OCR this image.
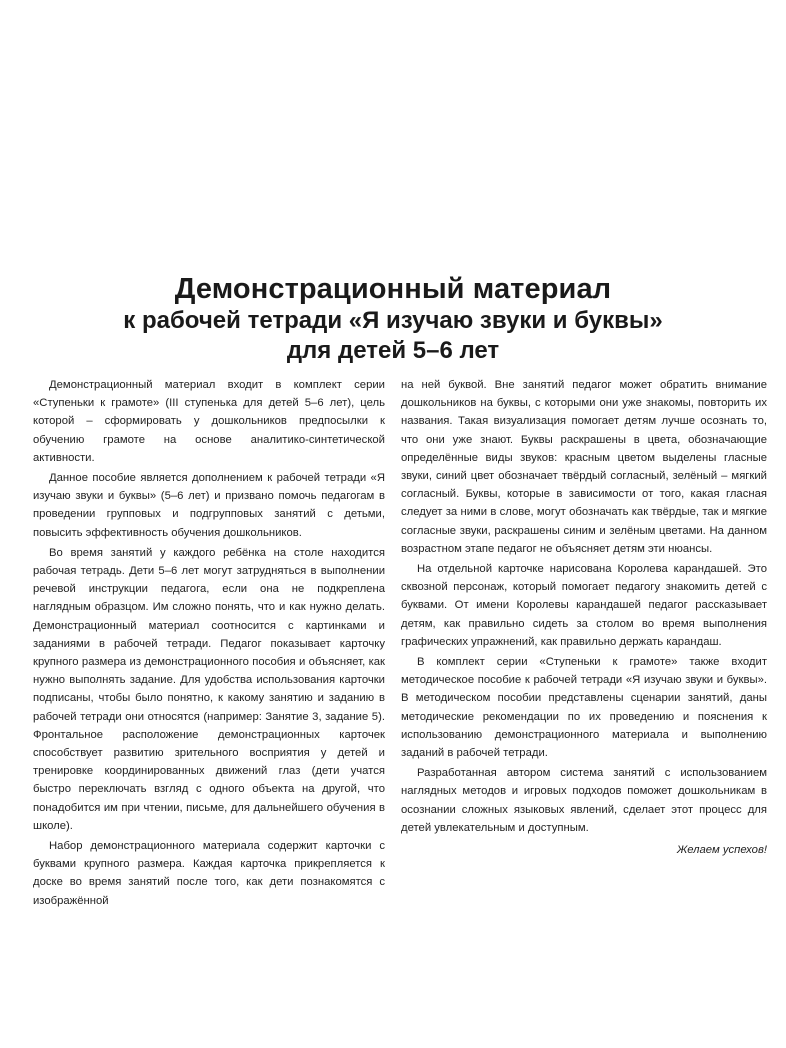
Демонстрационный материал
к рабочей тетради «Я изучаю звуки и буквы»
для детей 5–6 лет

Демонстрационный материал входит в комплект серии «Ступеньки к грамоте» (III ступенька для детей 5–6 лет), цель которой – сформировать у дошкольников предпосылки к обучению грамоте на основе аналитико-синтетической активности.

Данное пособие является дополнением к рабочей тетради «Я изучаю звуки и буквы» (5–6 лет) и призвано помочь педагогам в проведении групповых и подгрупповых занятий с детьми, повысить эффективность обучения дошкольников.

Во время занятий у каждого ребёнка на столе находится рабочая тетрадь. Дети 5–6 лет могут затрудняться в выполнении речевой инструкции педагога, если она не подкреплена наглядным образцом. Им сложно понять, что и как нужно делать. Демонстрационный материал соотносится с картинками и заданиями в рабочей тетради. Педагог показывает карточку крупного размера из демонстрационного пособия и объясняет, как нужно выполнять задание. Для удобства использования карточки подписаны, чтобы было понятно, к какому занятию и заданию в рабочей тетради они относятся (например: Занятие 3, задание 5). Фронтальное расположение демонстрационных карточек способствует развитию зрительного восприятия у детей и тренировке координированных движений глаз (дети учатся быстро переключать взгляд с одного объекта на другой, что понадобится им при чтении, письме, для дальнейшего обучения в школе).

Набор демонстрационного материала содержит карточки с буквами крупного размера. Каждая карточка прикрепляется к доске во время занятий после того, как дети познакомятся с изображённой

на ней буквой. Вне занятий педагог может обратить внимание дошкольников на буквы, с которыми они уже знакомы, повторить их названия. Такая визуализация помогает детям лучше осознать то, что они уже знают. Буквы раскрашены в цвета, обозначающие определённые виды звуков: красным цветом выделены гласные звуки, синий цвет обозначает твёрдый согласный, зелёный – мягкий согласный. Буквы, которые в зависимости от того, какая гласная следует за ними в слове, могут обозначать как твёрдые, так и мягкие согласные звуки, раскрашены синим и зелёным цветами. На данном возрастном этапе педагог не объясняет детям эти нюансы.

На отдельной карточке нарисована Королева карандашей. Это сквозной персонаж, который помогает педагогу знакомить детей с буквами. От имени Королевы карандашей педагог рассказывает детям, как правильно сидеть за столом во время выполнения графических упражнений, как правильно держать карандаш.

В комплект серии «Ступеньки к грамоте» также входит методическое пособие к рабочей тетради «Я изучаю звуки и буквы». В методическом пособии представлены сценарии занятий, даны методические рекомендации по их проведению и пояснения к использованию демонстрационного материала и выполнению заданий в рабочей тетради.

Разработанная автором система занятий с использованием наглядных методов и игровых подходов поможет дошкольникам в осознании сложных языковых явлений, сделает этот процесс для детей увлекательным и доступным.

Желаем успехов!
